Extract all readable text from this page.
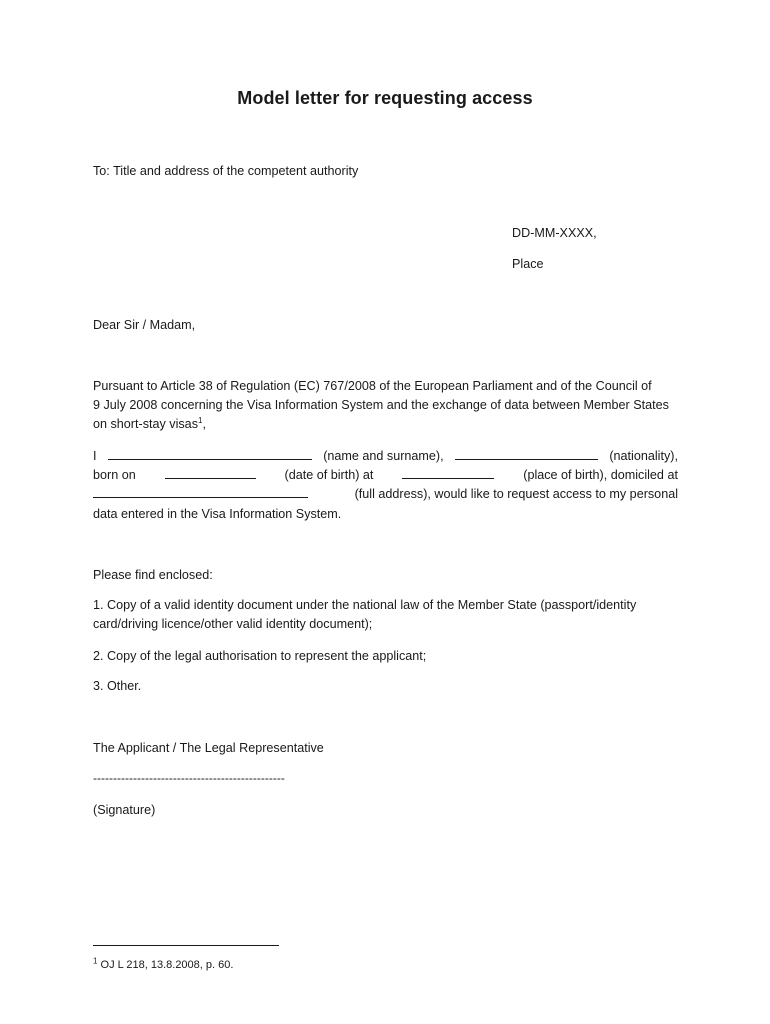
Model letter for requesting access

To: Title and address of the competent authority

DD-MM-XXXX,

Place

Dear Sir / Madam,

Pursuant to Article 38 of Regulation (EC) 767/2008 of the European Parliament and of the Council of
9 July 2008 concerning the Visa Information System and the exchange of data between Member States
on short-stay visas$^1$,
I	(name and surname),	(nationality),
born on	(date of birth) at	(place of birth), domiciled at
(full address), would like to request access to my personal
data entered in the Visa Information System.

Please find enclosed:

1. Copy of a valid identity document under the national law of the Member State (passport/identity
card/driving licence/other valid identity document);

2. Copy of the legal authorisation to represent the applicant;

3. Other.

The Applicant / The Legal Representative

------------------------------------------------

(Signature)

$^1$ OJ L 218, 13.8.2008, p. 60.
